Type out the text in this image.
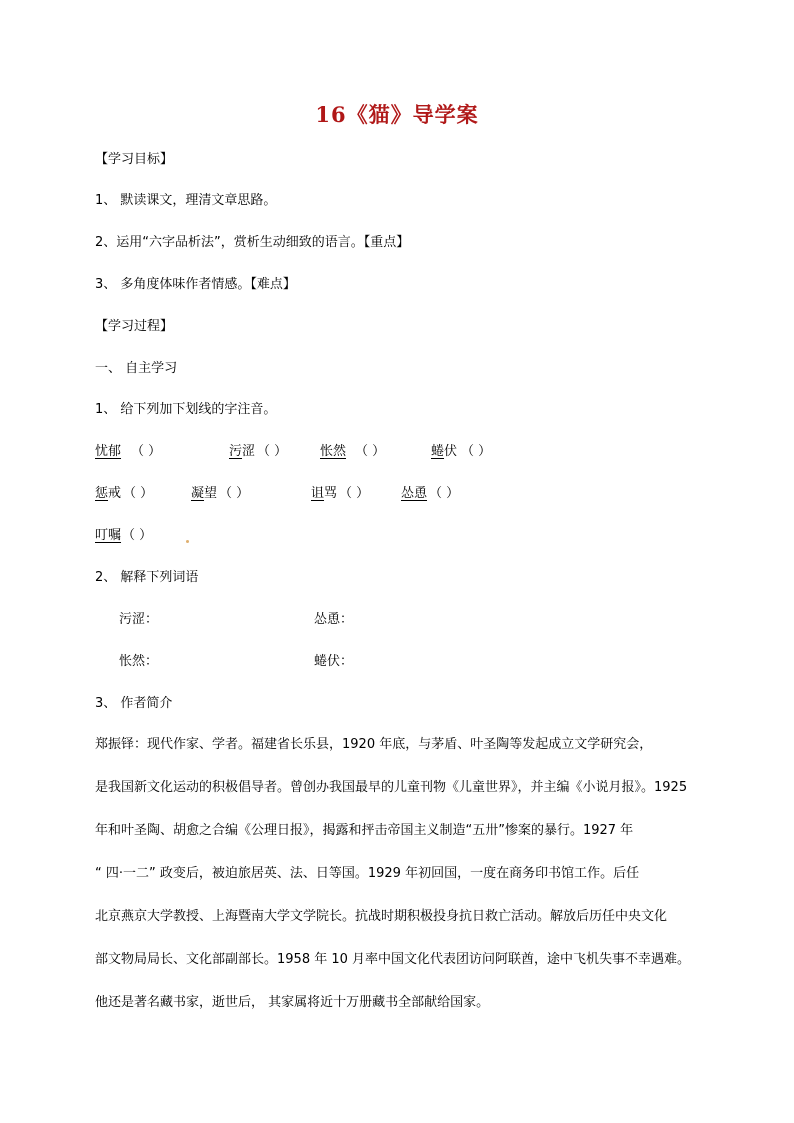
16《猫》导学案
【学习目标】
1、 默读课文，理清文章思路。
2、运用“六字品析法”，赏析生动细致的语言。【重点】
3、 多角度体味作者情感。【难点】
【学习过程】
一、 自主学习
1、 给下列加下划线的字注音。
忧郁 （ ）	污涩 （ ）	怅然 （ ）	蜷伏 （ ）
惩戒 （ ）	凝望 （ ）	诅骂 （ ） 怂恿 （ ）
叮嘱 （ ）
2、 解释下列词语
污涩：	怂恿：
怅然：	蜷伏：
3、 作者简介
郑振铎：现代作家、学者。福建省长乐县，1920 年底，与茅盾、叶圣陶等发起成立文学研究会，
是我国新文化运动的积极倡导者。曾创办我国最早的儿童刊物《儿童世界》，并主编《小说月报》。1925
年和叶圣陶、胡愈之合编《公理日报》，揭露和抨击帝国主义制造“五卅”惨案的暴行。1927 年
“ 四·一二” 政变后，被迫旅居英、法、日等国。1929 年初回国，一度在商务印书馆工作。后任
北京燕京大学教授、上海暨南大学文学院长。抗战时期积极投身抗日救亡活动。解放后历任中央文化
部文物局局长、文化部副部长。1958 年 10 月率中国文化代表团访问阿联酋，途中飞机失事不幸遇难。
他还是著名藏书家，逝世后， 其家属将近十万册藏书全部献给国家。
